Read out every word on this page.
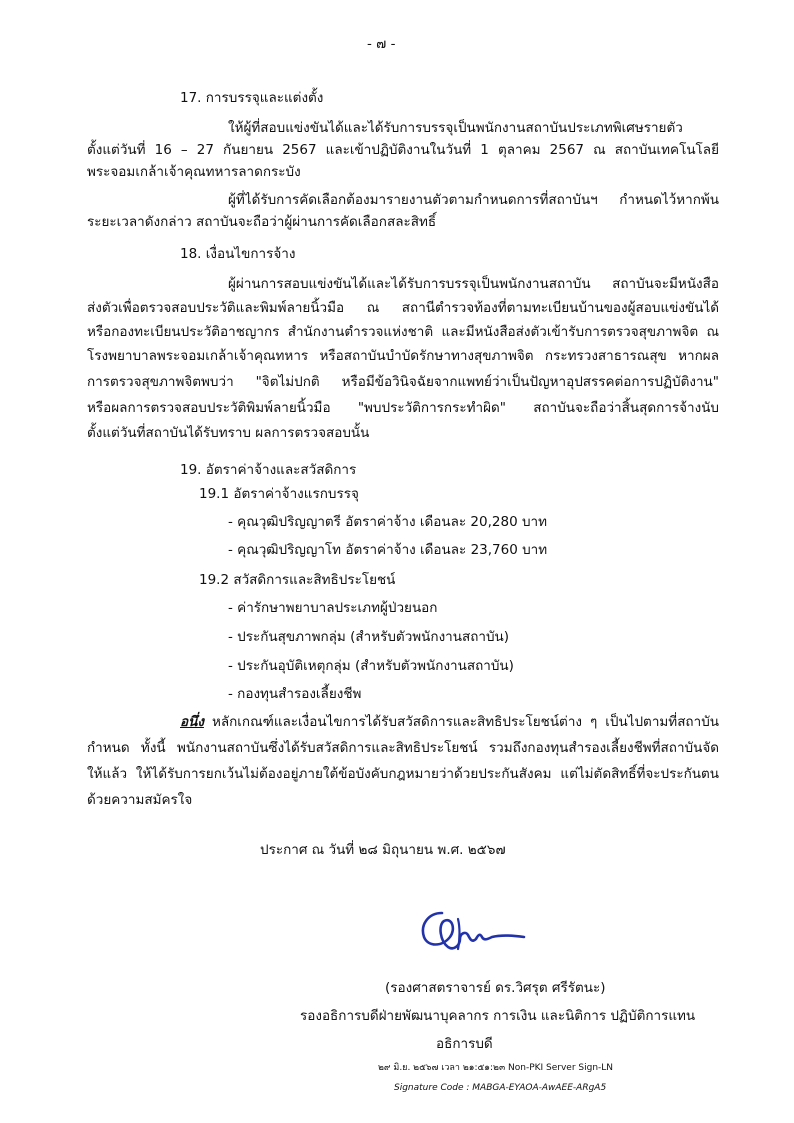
- ๗ -
17. การบรรจุและแต่งตั้ง
ให้ผู้ที่สอบแข่งขันได้และได้รับการบรรจุเป็นพนักงานสถาบันประเภทพิเศษรายตัว
ตั้งแต่วันที่ 16 – 27 กันยายน 2567 และเข้าปฏิบัติงานในวันที่ 1 ตุลาคม 2567 ณ สถาบันเทคโนโลยี
พระจอมเกล้าเจ้าคุณทหารลาดกระบัง
ผู้ที่ได้รับการคัดเลือกต้องมารายงานตัวตามกำหนดการที่สถาบันฯ กำหนดไว้หากพ้น
ระยะเวลาดังกล่าว สถาบันจะถือว่าผู้ผ่านการคัดเลือกสละสิทธิ์
18. เงื่อนไขการจ้าง
ผู้ผ่านการสอบแข่งขันได้และได้รับการบรรจุเป็นพนักงานสถาบัน สถาบันจะมีหนังสือ
ส่งตัวเพื่อตรวจสอบประวัติและพิมพ์ลายนิ้วมือ ณ สถานีตำรวจท้องที่ตามทะเบียนบ้านของผู้สอบแข่งขันได้
หรือกองทะเบียนประวัติอาชญากร สำนักงานตำรวจแห่งชาติ และมีหนังสือส่งตัวเข้ารับการตรวจสุขภาพจิต ณ
โรงพยาบาลพระจอมเกล้าเจ้าคุณทหาร หรือสถาบันบำบัดรักษาทางสุขภาพจิต กระทรวงสาธารณสุข หากผล
การตรวจสุขภาพจิตพบว่า "จิตไม่ปกติ หรือมีข้อวินิจฉัยจากแพทย์ว่าเป็นปัญหาอุปสรรคต่อการปฏิบัติงาน"
หรือผลการตรวจสอบประวัติพิมพ์ลายนิ้วมือ "พบประวัติการกระทำผิด" สถาบันจะถือว่าสิ้นสุดการจ้างนับ
ตั้งแต่วันที่สถาบันได้รับทราบ ผลการตรวจสอบนั้น
19. อัตราค่าจ้างและสวัสดิการ
19.1 อัตราค่าจ้างแรกบรรจุ
- คุณวุฒิปริญญาตรี อัตราค่าจ้าง เดือนละ 20,280 บาท
- คุณวุฒิปริญญาโท อัตราค่าจ้าง เดือนละ 23,760 บาท
19.2 สวัสดิการและสิทธิประโยชน์
- ค่ารักษาพยาบาลประเภทผู้ป่วยนอก
- ประกันสุขภาพกลุ่ม (สำหรับตัวพนักงานสถาบัน)
- ประกันอุบัติเหตุกลุ่ม (สำหรับตัวพนักงานสถาบัน)
- กองทุนสำรองเลี้ยงชีพ
อนึ่ง หลักเกณฑ์และเงื่อนไขการได้รับสวัสดิการและสิทธิประโยชน์ต่าง ๆ เป็นไปตามที่สถาบัน
กำหนด ทั้งนี้ พนักงานสถาบันซึ่งได้รับสวัสดิการและสิทธิประโยชน์ รวมถึงกองทุนสำรองเลี้ยงชีพที่สถาบันจัด
ให้แล้ว ให้ได้รับการยกเว้นไม่ต้องอยู่ภายใต้ข้อบังคับกฎหมายว่าด้วยประกันสังคม แต่ไม่ตัดสิทธิ์ที่จะประกันตน
ด้วยความสมัครใจ
ประกาศ ณ วันที่ ๒๘ มิถุนายน พ.ศ. ๒๕๖๗
(รองศาสตราจารย์ ดร.วิศรุต ศรีรัตนะ)
รองอธิการบดีฝ่ายพัฒนาบุคลากร การเงิน และนิติการ ปฏิบัติการแทน
อธิการบดี
๒๙ มิ.ย. ๒๕๖๗ เวลา ๒๑:๕๑:๒๓ Non-PKI Server Sign-LN
Signature Code : MABGA-EYAOA-AwAEE-ARgA5
